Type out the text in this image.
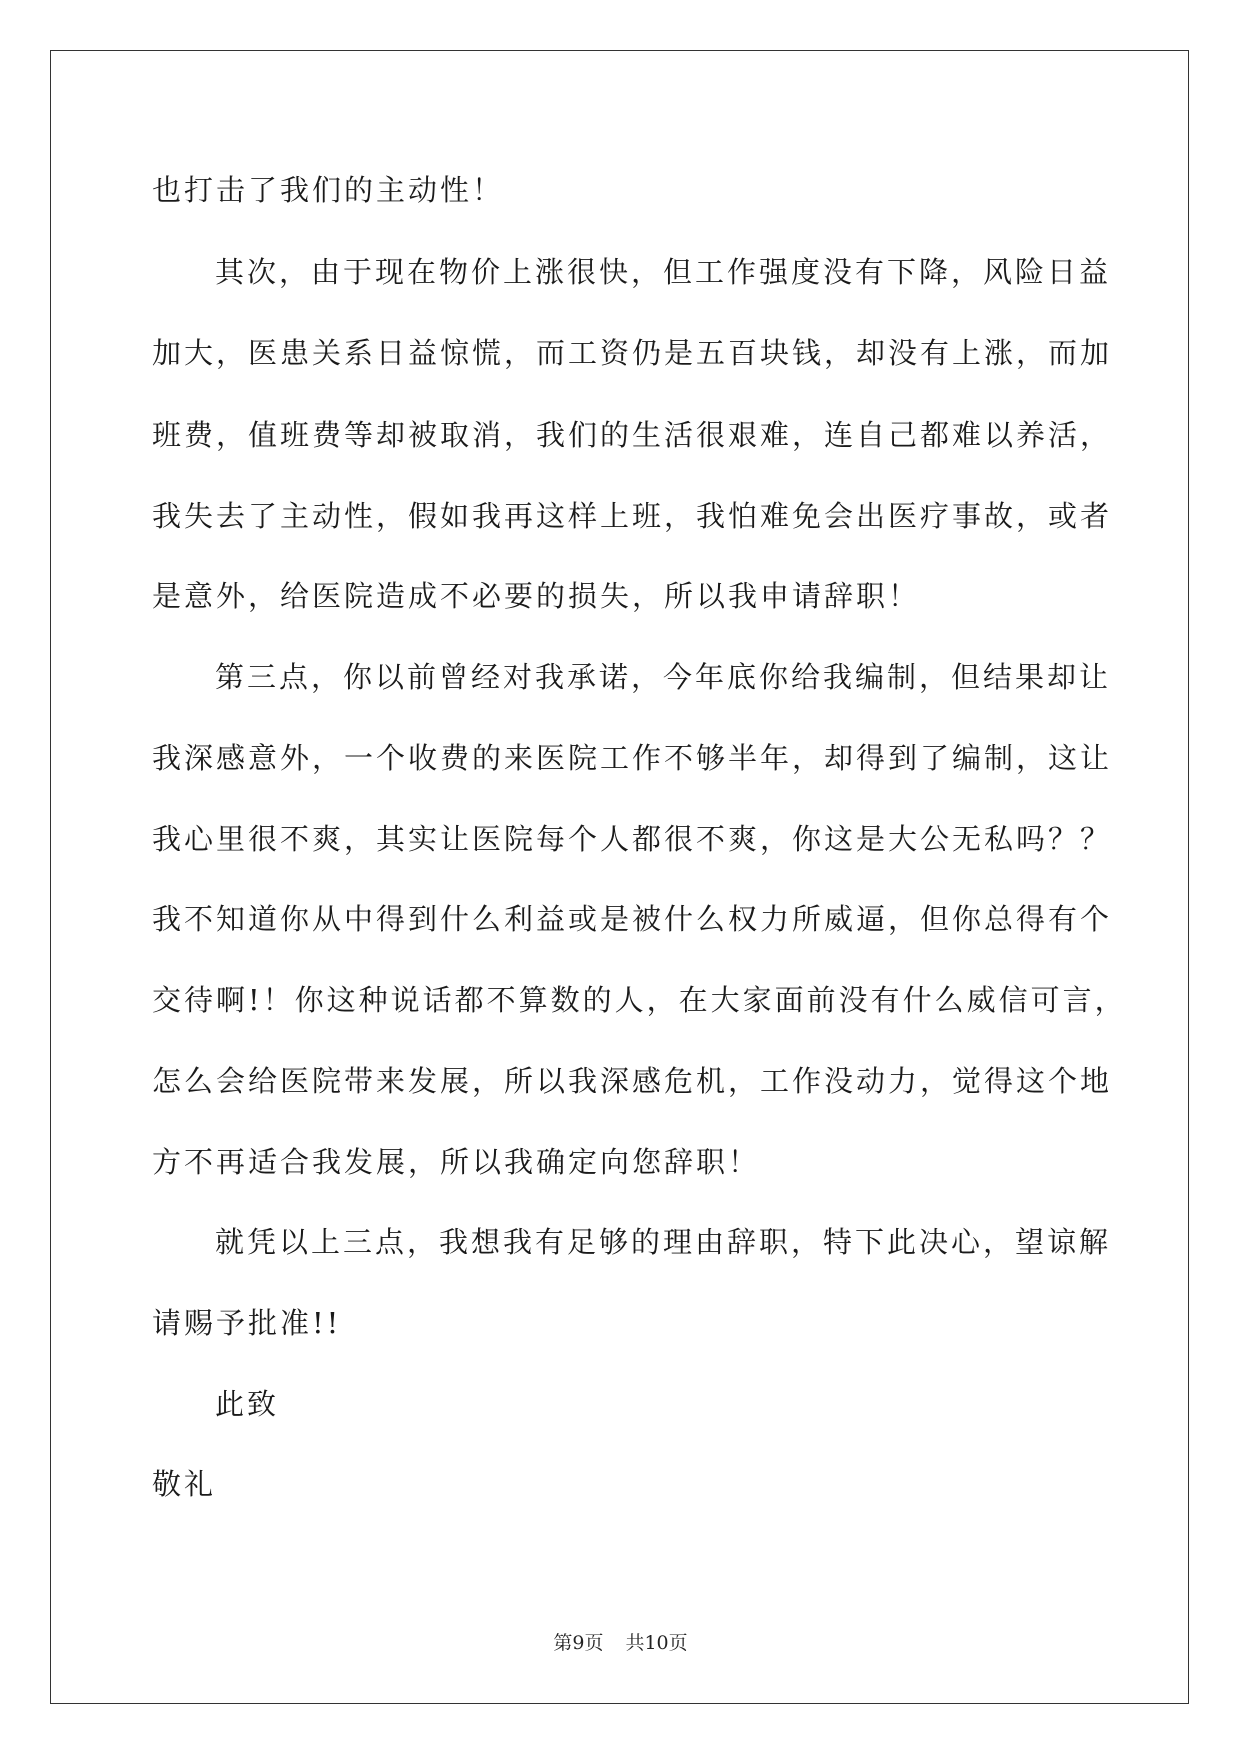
也打击了我们的主动性！
其次，由于现在物价上涨很快，但工作强度没有下降，风险日益
加大，医患关系日益惊慌，而工资仍是五百块钱，却没有上涨，而加
班费，值班费等却被取消，我们的生活很艰难，连自己都难以养活，
我失去了主动性，假如我再这样上班，我怕难免会出医疗事故，或者
是意外，给医院造成不必要的损失，所以我申请辞职！
第三点，你以前曾经对我承诺，今年底你给我编制，但结果却让
我深感意外，一个收费的来医院工作不够半年，却得到了编制，这让
我心里很不爽，其实让医院每个人都很不爽，你这是大公无私吗？？
我不知道你从中得到什么利益或是被什么权力所威逼，但你总得有个
交待啊!！你这种说话都不算数的人，在大家面前没有什么威信可言，
怎么会给医院带来发展，所以我深感危机，工作没动力，觉得这个地
方不再适合我发展，所以我确定向您辞职！
就凭以上三点，我想我有足够的理由辞职，特下此决心，望谅解
请赐予批准!!
此致
敬礼
第9页 共10页
